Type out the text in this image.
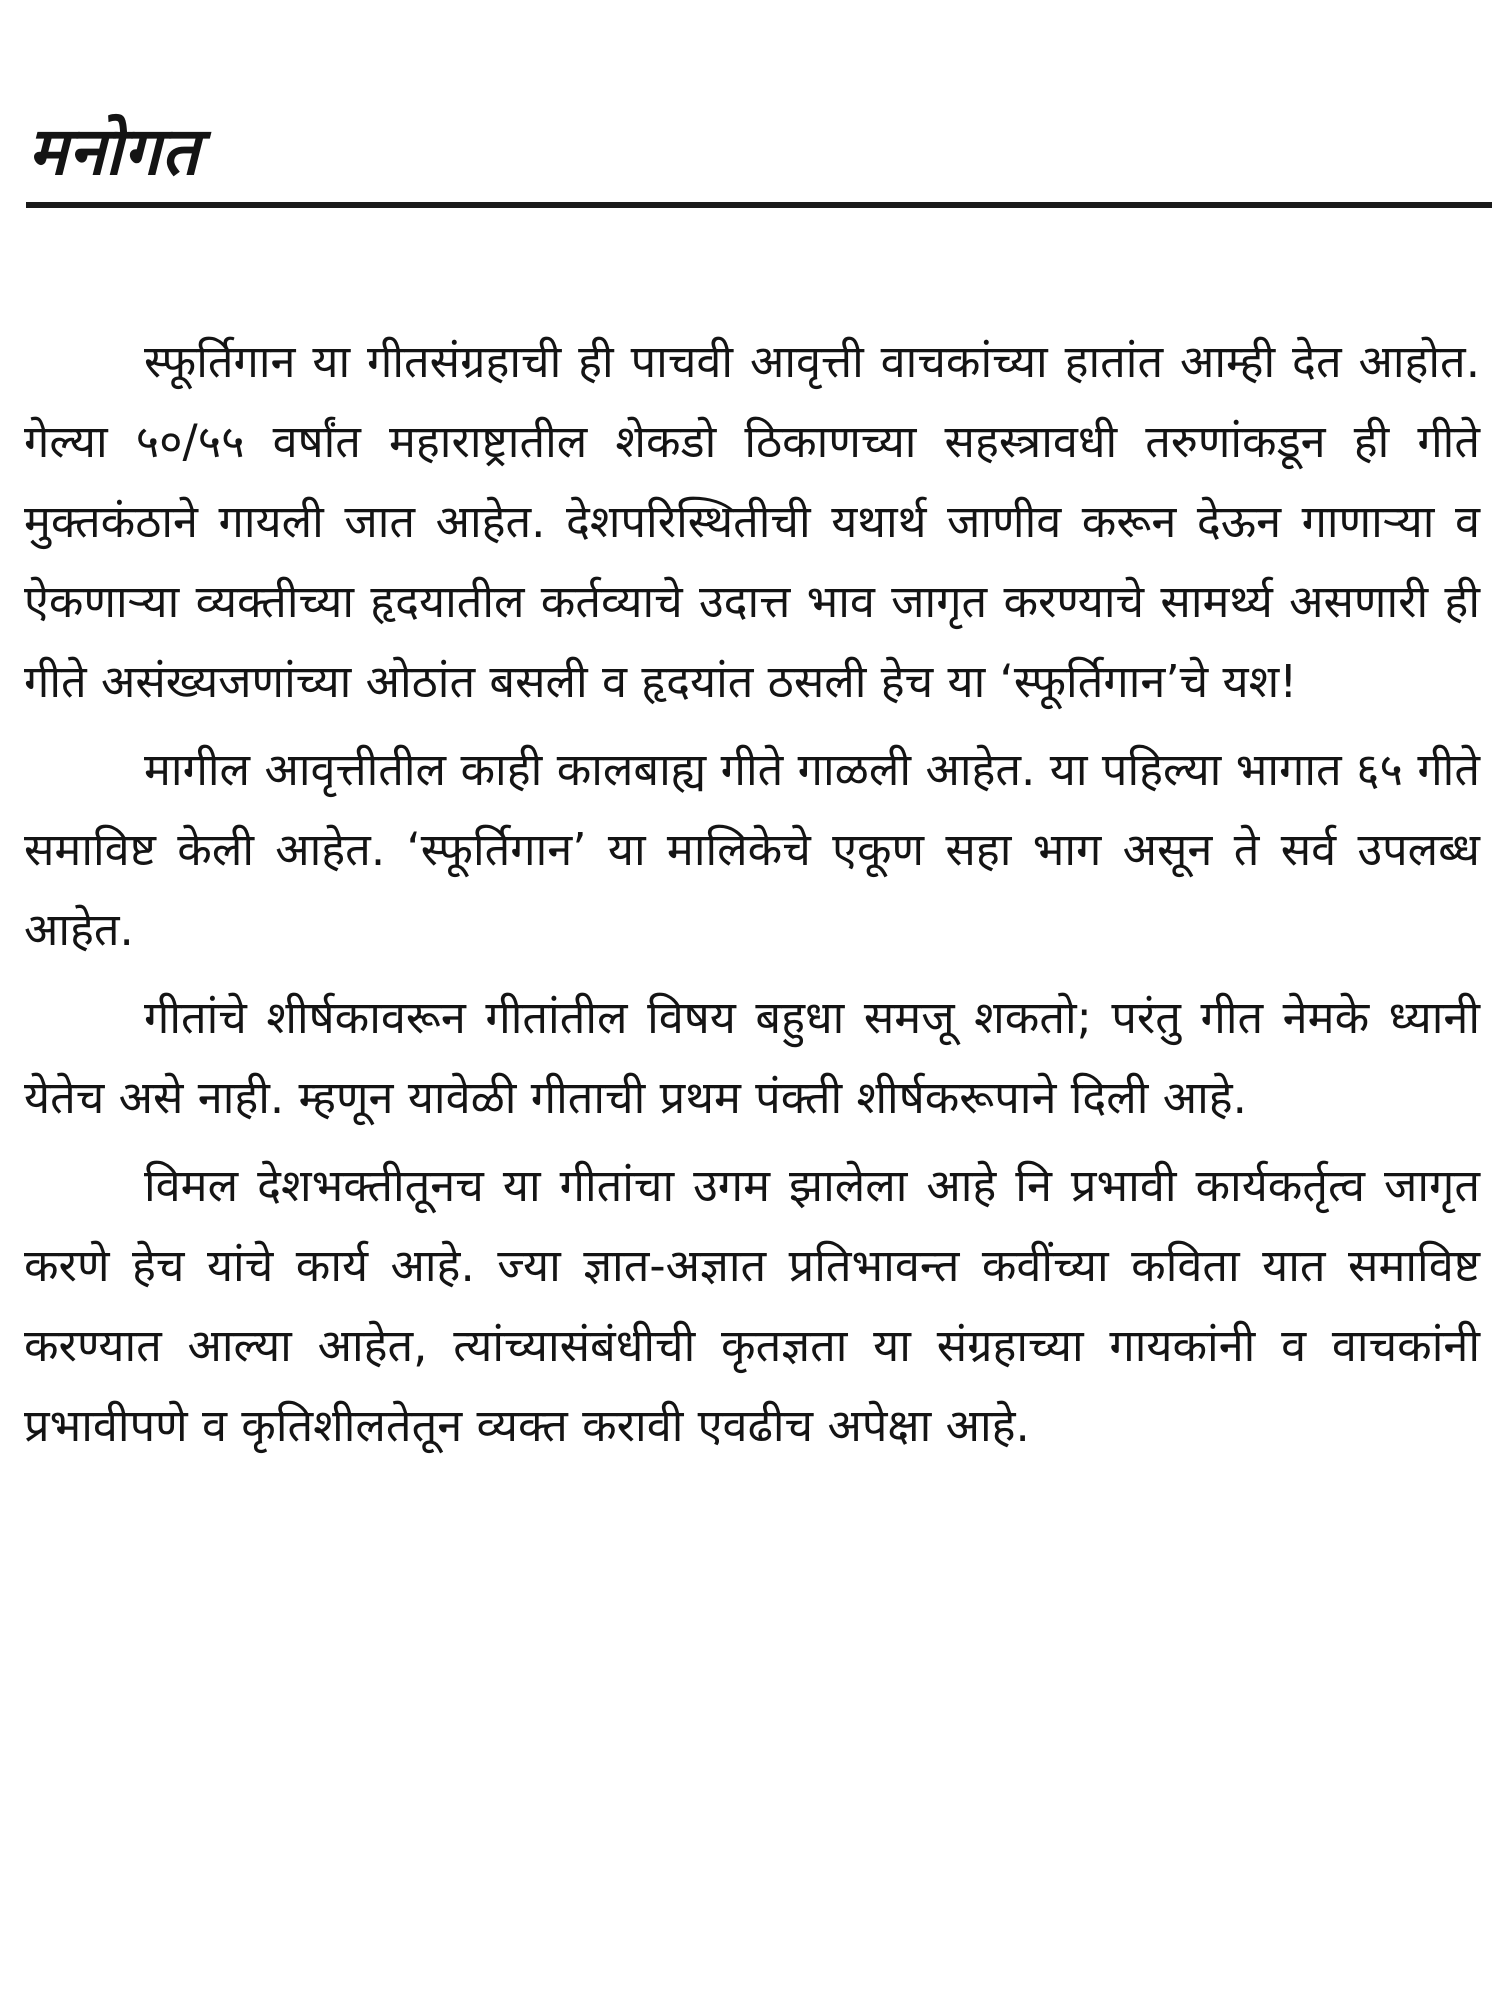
मनोगत

स्फूर्तिगान या गीतसंग्रहाची ही पाचवी आवृत्ती वाचकांच्या हातांत आम्ही देत आहोत. गेल्या ५०/५५ वर्षांत महाराष्ट्रातील शेकडो ठिकाणच्या सहस्त्रावधी तरुणांकडून ही गीते मुक्तकंठाने गायली जात आहेत. देशपरिस्थितीची यथार्थ जाणीव करून देऊन गाणाऱ्या व ऐकणाऱ्या व्यक्तीच्या हृदयातील कर्तव्याचे उदात्त भाव जागृत करण्याचे सामर्थ्य असणारी ही गीते असंख्यजणांच्या ओठांत बसली व हृदयांत ठसली हेच या ‘स्फूर्तिगान’चे यश!

मागील आवृत्तीतील काही कालबाह्य गीते गाळली आहेत. या पहिल्या भागात ६५ गीते समाविष्ट केली आहेत. ‘स्फूर्तिगान’ या मालिकेचे एकूण सहा भाग असून ते सर्व उपलब्ध आहेत.

गीतांचे शीर्षकावरून गीतांतील विषय बहुधा समजू शकतो; परंतु गीत नेमके ध्यानी येतेच असे नाही. म्हणून यावेळी गीताची प्रथम पंक्ती शीर्षकरूपाने दिली आहे.

विमल देशभक्तीतूनच या गीतांचा उगम झालेला आहे नि प्रभावी कार्यकर्तृत्व जागृत करणे हेच यांचे कार्य आहे. ज्या ज्ञात-अज्ञात प्रतिभावन्त कवींच्या कविता यात समाविष्ट करण्यात आल्या आहेत, त्यांच्यासंबंधीची कृतज्ञता या संग्रहाच्या गायकांनी व वाचकांनी प्रभावीपणे व कृतिशीलतेतून व्यक्त करावी एवढीच अपेक्षा आहे.
